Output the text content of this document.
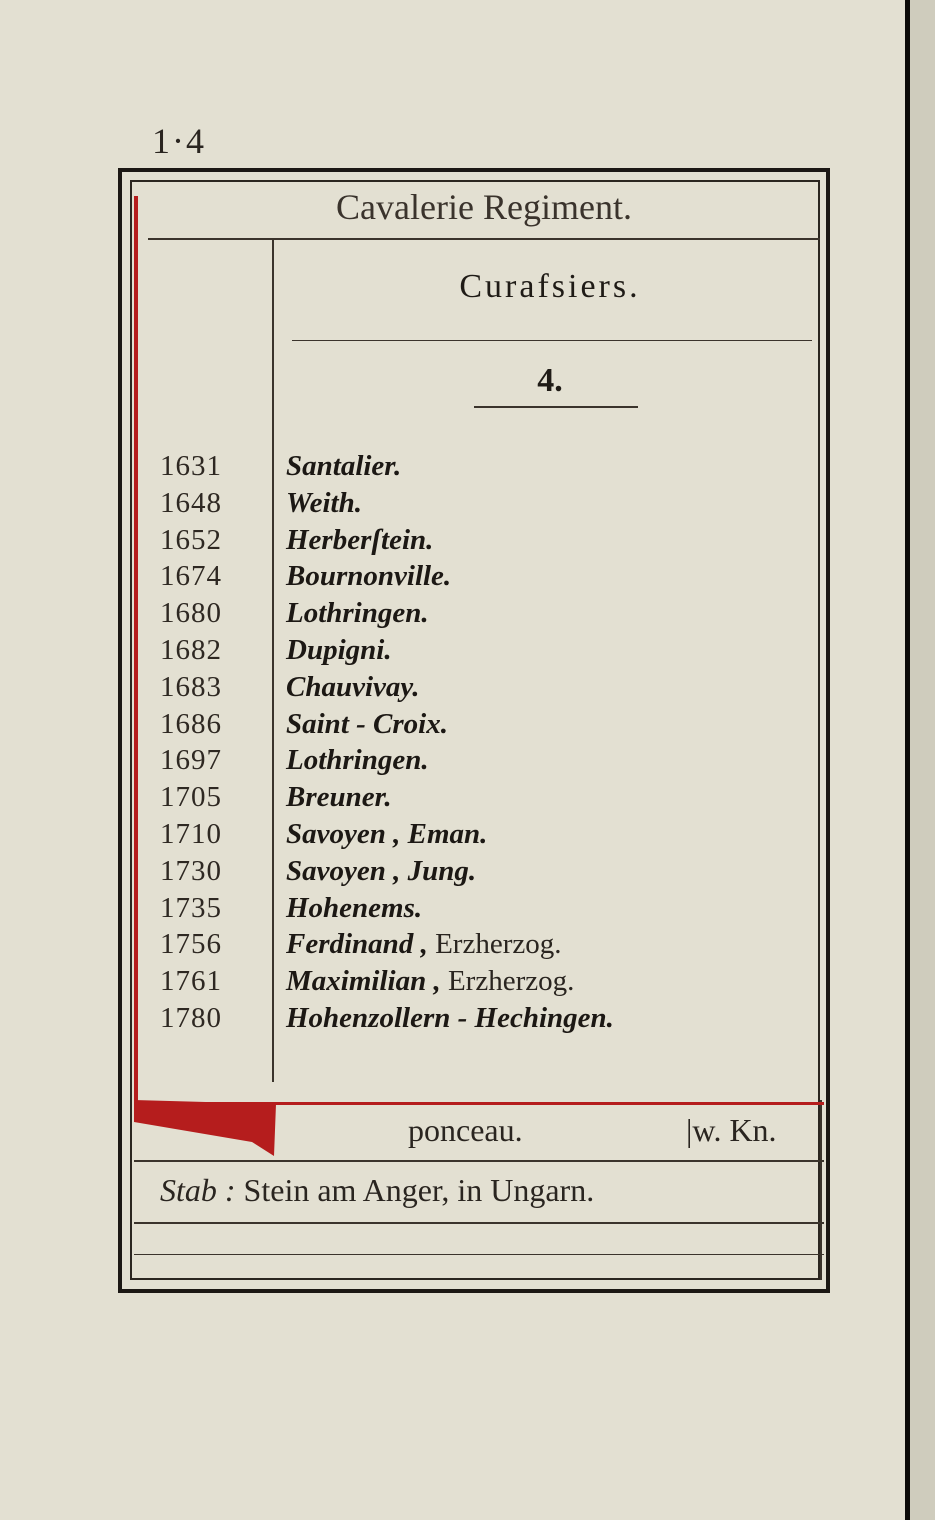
1·4
Cavalerie Regiment.
Curafsiers.
4.
1631
1648
1652
1674
1680
1682
1683
1686
1697
1705
1710
1730
1735
1756
1761
1780
Santalier.
Weith.
Herberſtein.
Bournonville.
Lothringen.
Dupigni.
Chauvivay.
Saint - Croix.
Lothringen.
Breuner.
Savoyen , Eman.
Savoyen , Jung.
Hohenems.
Ferdinand , Erzherzog.
Maximilian , Erzherzog.
Hohenzollern - Hechingen.
ponceau.	|w. Kn.
Stab : Stein am Anger, in Ungarn.
